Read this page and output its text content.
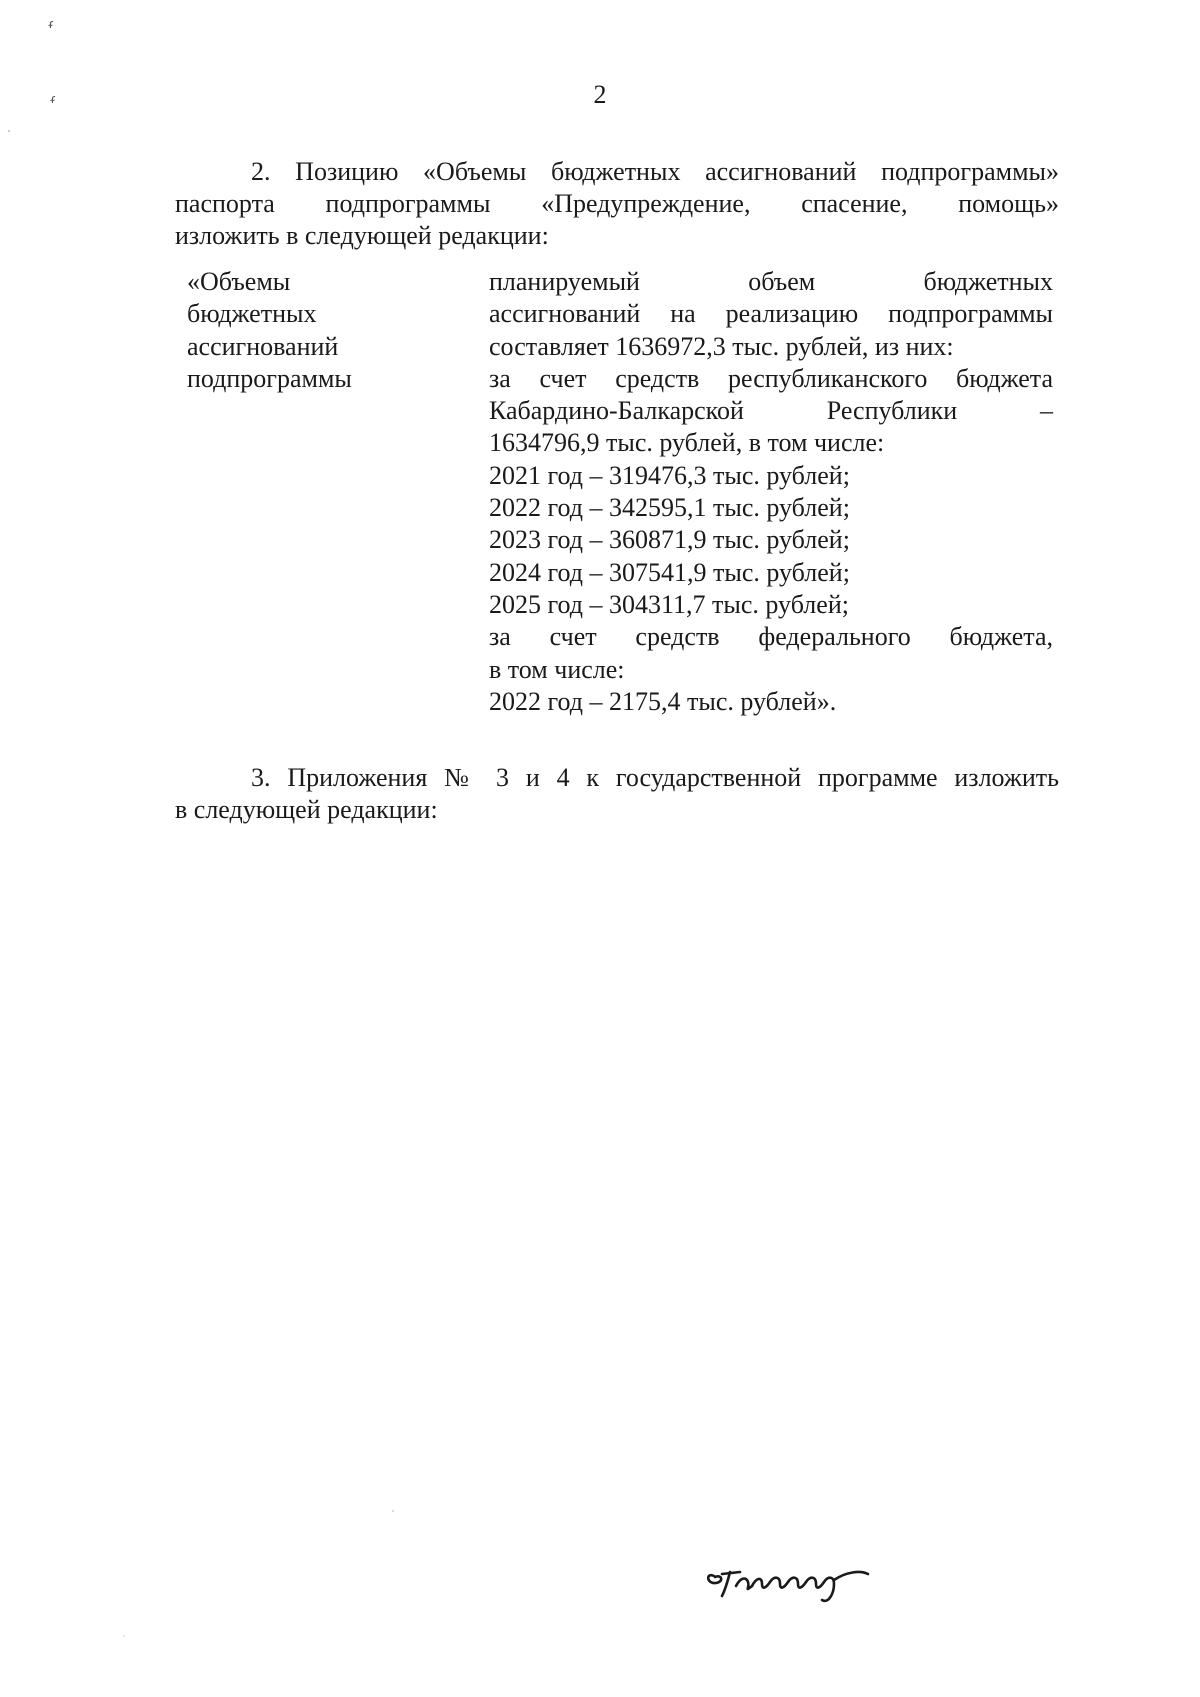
ᵳ
ᵳ	2
2. Позицию «Объемы бюджетных ассигнований подпрограммы»
паспорта подпрограммы «Предупреждение, спасение, помощь»
изложить в следующей редакции:
«Объемы
бюджетных
ассигнований
подпрограммы
планируемый объем бюджетных
ассигнований на реализацию подпрограммы
составляет 1636972,3 тыс. рублей, из них:
за счет средств республиканского бюджета
Кабардино-Балкарской Республики –
1634796,9 тыс. рублей, в том числе:
2021 год – 319476,3 тыс. рублей;
2022 год – 342595,1 тыс. рублей;
2023 год – 360871,9 тыс. рублей;
2024 год – 307541,9 тыс. рублей;
2025 год – 304311,7 тыс. рублей;
за счет средств федерального бюджета,
в том числе:
2022 год – 2175,4 тыс. рублей».
3. Приложения № 3 и 4 к государственной программе изложить
в следующей редакции:
